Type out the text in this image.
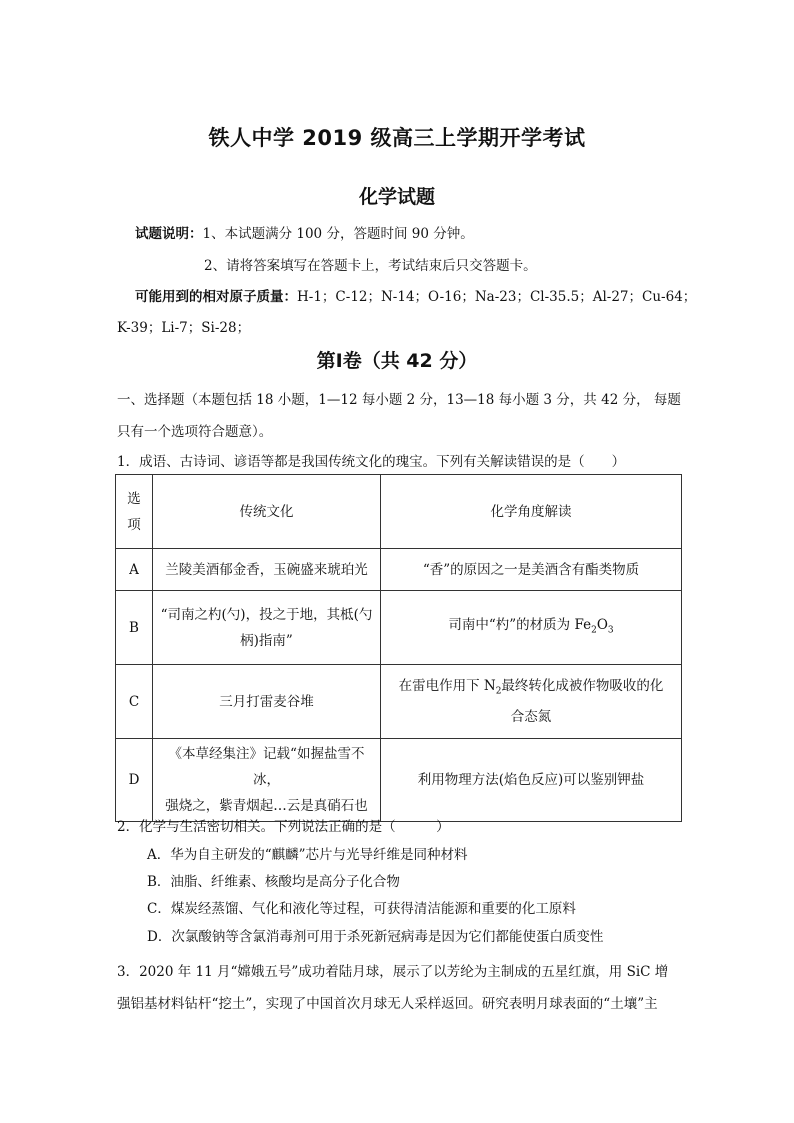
铁人中学 2019 级高三上学期开学考试
化学试题
试题说明：1、本试题满分 100 分，答题时间 90 分钟。
2、请将答案填写在答题卡上，考试结束后只交答题卡。
可能用到的相对原子质量：H-1；C-12；N-14；O-16；Na-23；Cl-35.5；Al-27；Cu-64；
K-39；Li-7；Si-28；
第Ⅰ卷（共 42 分）
一、选择题（本题包括 18 小题，1—12 每小题 2 分，13—18 每小题 3 分，共 42 分， 每题
只有一个选项符合题意）。
1．成语、古诗词、谚语等都是我国传统文化的瑰宝。下列有关解读错误的是（　　）
选
项	传统文化	化学角度解读
A	兰陵美酒郁金香，玉碗盛来琥珀光	“香”的原因之一是美酒含有酯类物质
B	“司南之杓(勺)，投之于地，其柢(勺
柄)指南”	司南中“杓”的材质为 $Fe_2O_3$
C	三月打雷麦谷堆	在雷电作用下 $N_2$最终转化成被作物吸收的化
合态氮

D	《本草经集注》记载“如握盐雪不冰，
强烧之，紫青烟起…云是真硝石也	利用物理方法(焰色反应)可以鉴别钾盐
2．化学与生活密切相关。下列说法正确的是（　　　）
A．华为自主研发的“麒麟”芯片与光导纤维是同种材料
B．油脂、纤维素、核酸均是高分子化合物
C．煤炭经蒸馏、气化和液化等过程，可获得清洁能源和重要的化工原料
D．次氯酸钠等含氯消毒剂可用于杀死新冠病毒是因为它们都能使蛋白质变性
3．2020 年 11 月“嫦娥五号”成功着陆月球，展示了以芳纶为主制成的五星红旗，用 SiC 增
强铝基材料钻杆“挖土”，实现了中国首次月球无人采样返回。研究表明月球表面的“土壤”主
